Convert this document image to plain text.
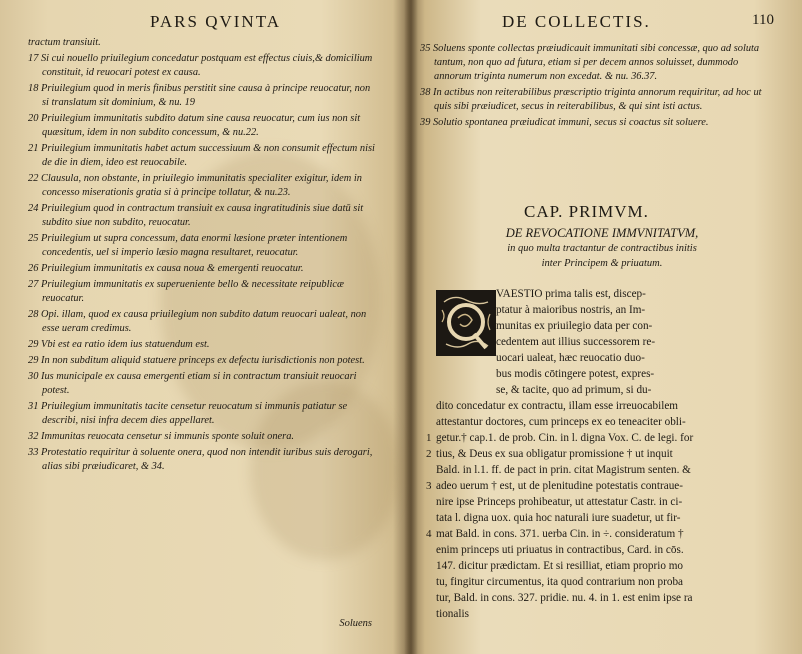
PARS QVINTA
tractum transiuit.
17 Si cui nouello priuilegium concedatur postquam est effectus ciuis,& domicilium constituit, id reuocari potest ex causa.
18 Priuilegium quod in meris finibus perstitit sine causa à principe reuocatur, non si translatum sit dominium, & nu. 19
20 Priuilegium immunitatis subdito datum sine causa reuocatur, cum ius non sit quæsitum, idem in non subdito concessum, & nu.22.
21 Priuilegium immunitatis habet actum successiuum & non consumit effectum nisi de die in diem, ideo est reuocabile.
22 Clausula, non obstante, in priuilegio immunitatis specialiter exigitur, idem in concesso miserationis gratia si à principe tollatur, & nu.23.
24 Priuilegium quod in contractum transiuit ex causa ingratitudinis siue datū sit subdito siue non subdito, reuocatur.
25 Priuilegium ut supra concessum, data enormi læsione præter intentionem concedentis, uel si imperio læsio magna resultaret, reuocatur.
26 Priuilegium immunitatis ex causa noua & emergenti reuocatur.
27 Priuilegium immunitatis ex superueniente bello & necessitate reipublicæ reuocatur.
28 Opi. illam, quod ex causa priuilegium non subdito datum reuocari ualeat, non esse ueram credimus.
29 Vbi est ea ratio idem ius statuendum est.
29 In non subditum aliquid statuere princeps ex defectu iurisdictionis non potest.
30 Ius municipale ex causa emergenti etiam si in contractum transiuit reuocari potest.
31 Priuilegium immunitatis tacite censetur reuocatum si immunis patiatur se describi, nisi infra decem dies appellaret.
32 Immunitas reuocata censetur si immunis sponte soluit onera.
33 Protestatio requiritur à soluente onera, quod non intendit iuribus suis derogari, alias sibi præiudicaret, & 34.
Soluens
DE COLLECTIS.	110
35 Soluens sponte collectas præiudicauit immunitati sibi concessæ, quo ad soluta tantum, non quo ad futura, etiam si per decem annos soluisset, dummodo annorum triginta numerum non excedat. & nu. 36.37.
38 In actibus non reiterabilibus præscriptio triginta annorum requiritur, ad hoc ut quis sibi præiudicet, secus in reiterabilibus, & qui sint isti actus.
39 Solutio spontanea præiudicat immuni, secus si coactus sit soluere.
CAP. PRIMVM.
DE REVOCATIONE IMMVNITATVM,
in quo multa tractantur de contractibus initis
inter Principem & priuatum.
VAESTIO prima talis est, discep-
ptatur à maioribus nostris, an Im-
munitas ex priuilegio data per con-
cedentem aut illius successorem re-
uocari ualeat, hæc reuocatio duo-
bus modis cōtingere potest, expres-
se, & tacite, quo ad primum, si du-
dito concedatur ex contractu, illam esse irreuocabilem
attestantur doctores, cum princeps ex eo teneaciter obli-
1 getur.† cap.1. de prob. Cin. in l. digna Vox. C. de legi. for
2 tius, & Deus ex sua obligatur promissione † ut inquit
Bald. in l.1. ff. de pact in prin. citat Magistrum senten. &
3 adeo uerum † est, ut de plenitudine potestatis contraue-
nire ipse Princeps prohibeatur, ut attestatur Castr. in ci-
tata l. digna uox. quia hoc naturali iure suadetur, ut fir-
4 mat Bald. in cons. 371. uerba Cin. in ÷. consideratum †
enim princeps uti priuatus in contractibus, Card. in cōs.
147. dicitur prædictam. Et si resilliat, etiam proprio mo
tu, fingitur circumentus, ita quod contrarium non proba
tur, Bald. in cons. 327. pridie. nu. 4. in 1. est enim ipse ra
tionalis
